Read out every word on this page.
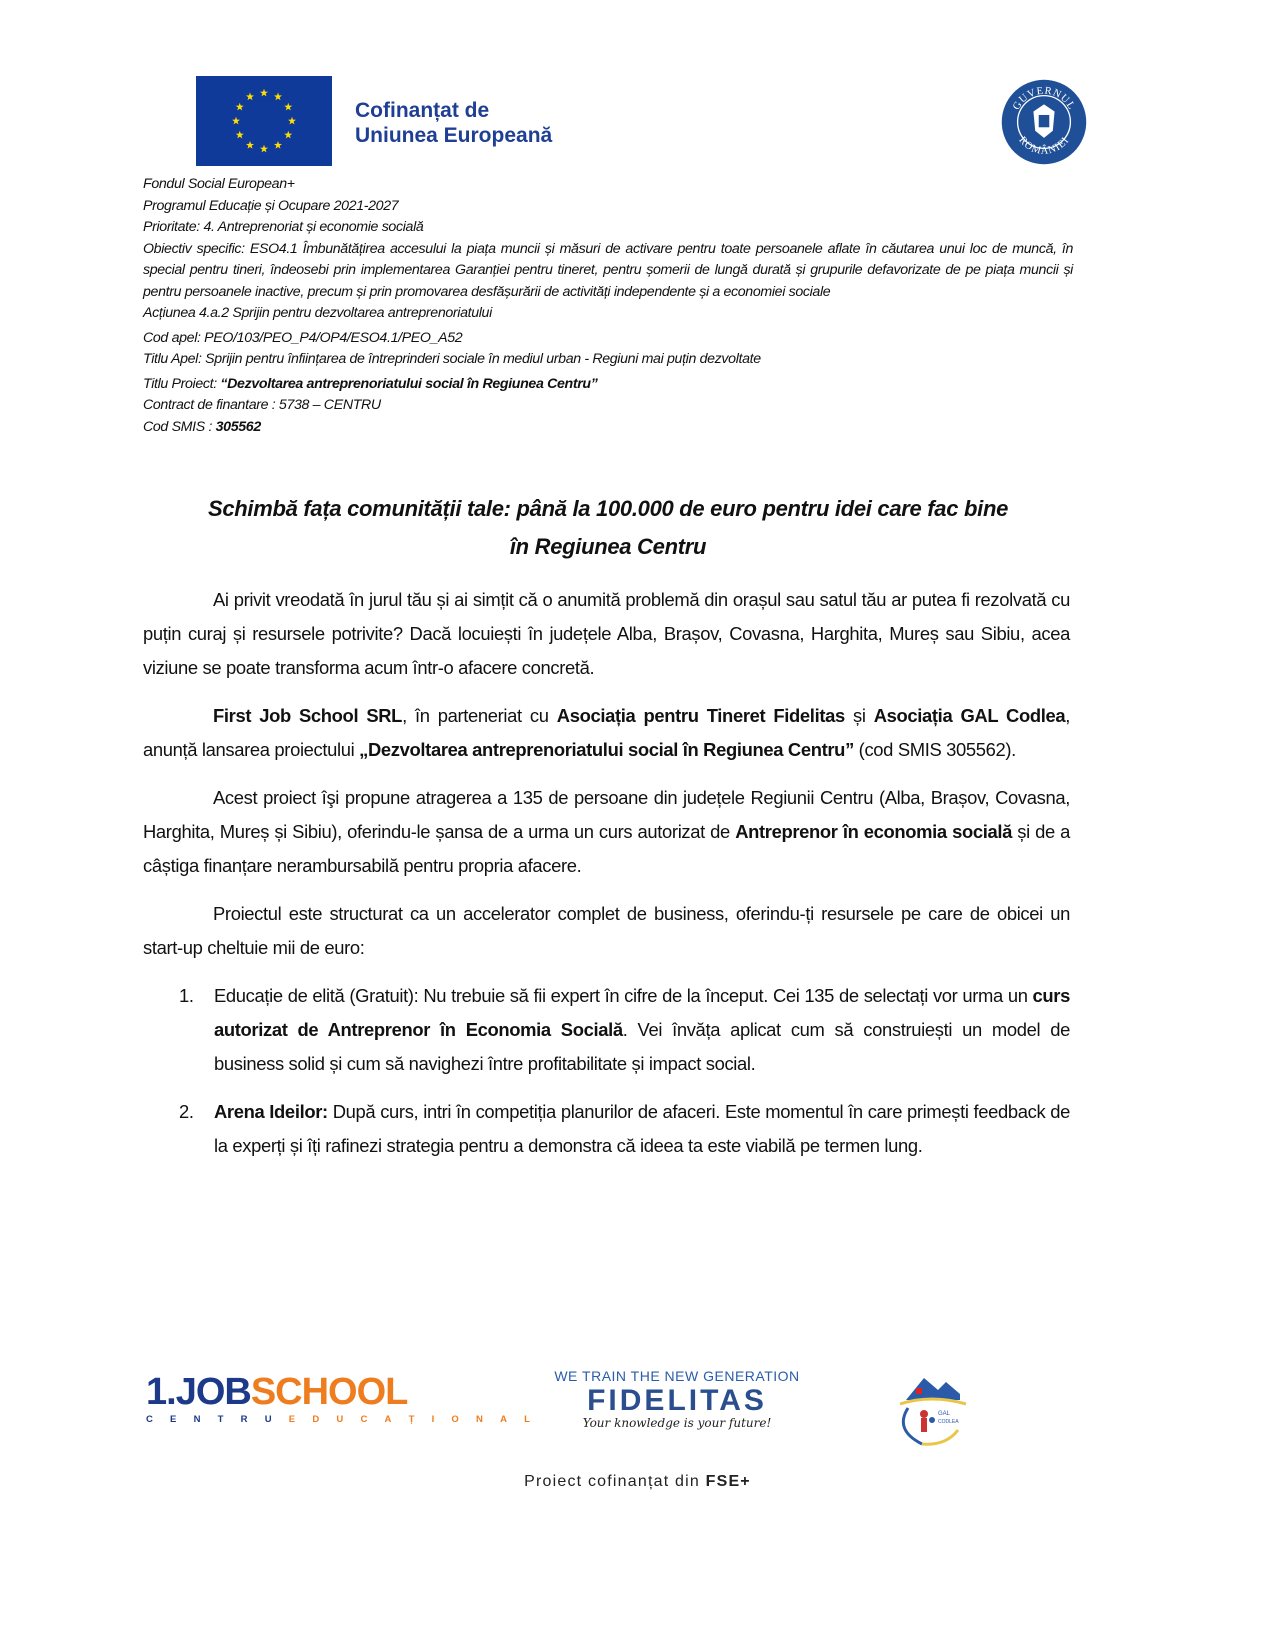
Cofinanțat de
Uniunea Europeană
GUVERNUL
ROMÂNIEI
Fondul Social European+
Programul Educație și Ocupare 2021-2027
Prioritate: 4. Antreprenoriat și economie socială
Obiectiv specific: ESO4.1 Îmbunătățirea accesului la piața muncii și măsuri de activare pentru toate persoanele aflate în căutarea unui loc de muncă, în special pentru tineri, îndeosebi prin implementarea Garanției pentru tineret, pentru șomerii de lungă durată și grupurile defavorizate de pe piața muncii și pentru persoanele inactive, precum și prin promovarea desfășurării de activități independente și a economiei sociale
Acțiunea 4.a.2 Sprijin pentru dezvoltarea antreprenoriatului
Cod apel: PEO/103/PEO_P4/OP4/ESO4.1/PEO_A52
Titlu Apel: Sprijin pentru înființarea de întreprinderi sociale în mediul urban - Regiuni mai puțin dezvoltate
Titlu Proiect: “Dezvoltarea antreprenoriatului social în Regiunea Centru”
Contract de finantare : 5738 – CENTRU
Cod SMIS : 305562
Schimbă fața comunității tale: până la 100.000 de euro pentru idei care fac bine
în Regiunea Centru

Ai privit vreodată în jurul tău și ai simțit că o anumită problemă din orașul sau satul tău ar putea fi rezolvată cu puțin curaj și resursele potrivite? Dacă locuiești în județele Alba, Brașov, Covasna, Harghita, Mureș sau Sibiu, acea viziune se poate transforma acum într-o afacere concretă.

First Job School SRL, în parteneriat cu Asociația pentru Tineret Fidelitas și Asociația GAL Codlea, anunță lansarea proiectului „Dezvoltarea antreprenoriatului social în Regiunea Centru” (cod SMIS 305562).

Acest proiect îşi propune atragerea a 135 de persoane din județele Regiunii Centru (Alba, Brașov, Covasna, Harghita, Mureș și Sibiu), oferindu-le șansa de a urma un curs autorizat de Antreprenor în economia socială și de a câștiga finanțare nerambursabilă pentru propria afacere.

Proiectul este structurat ca un accelerator complet de business, oferindu-ți resursele pe care de obicei un start-up cheltuie mii de euro:

1. Educație de elită (Gratuit): Nu trebuie să fii expert în cifre de la început. Cei 135 de selectați vor urma un curs autorizat de Antreprenor în Economia Socială. Vei învăța aplicat cum să construiești un model de business solid și cum să navighezi între profitabilitate și impact social.
2. Arena Ideilor: După curs, intri în competiția planurilor de afaceri. Este momentul în care primești feedback de la experți și îți rafinezi strategia pentru a demonstra că ideea ta este viabilă pe termen lung.
1.JOBSCHOOL
CENTRUEDUCAȚIONAL
WE TRAIN THE NEW GENERATION
FIDELITAS
Your knowledge is your future!
GAL
CODLEA
Proiect cofinanțat din FSE+
